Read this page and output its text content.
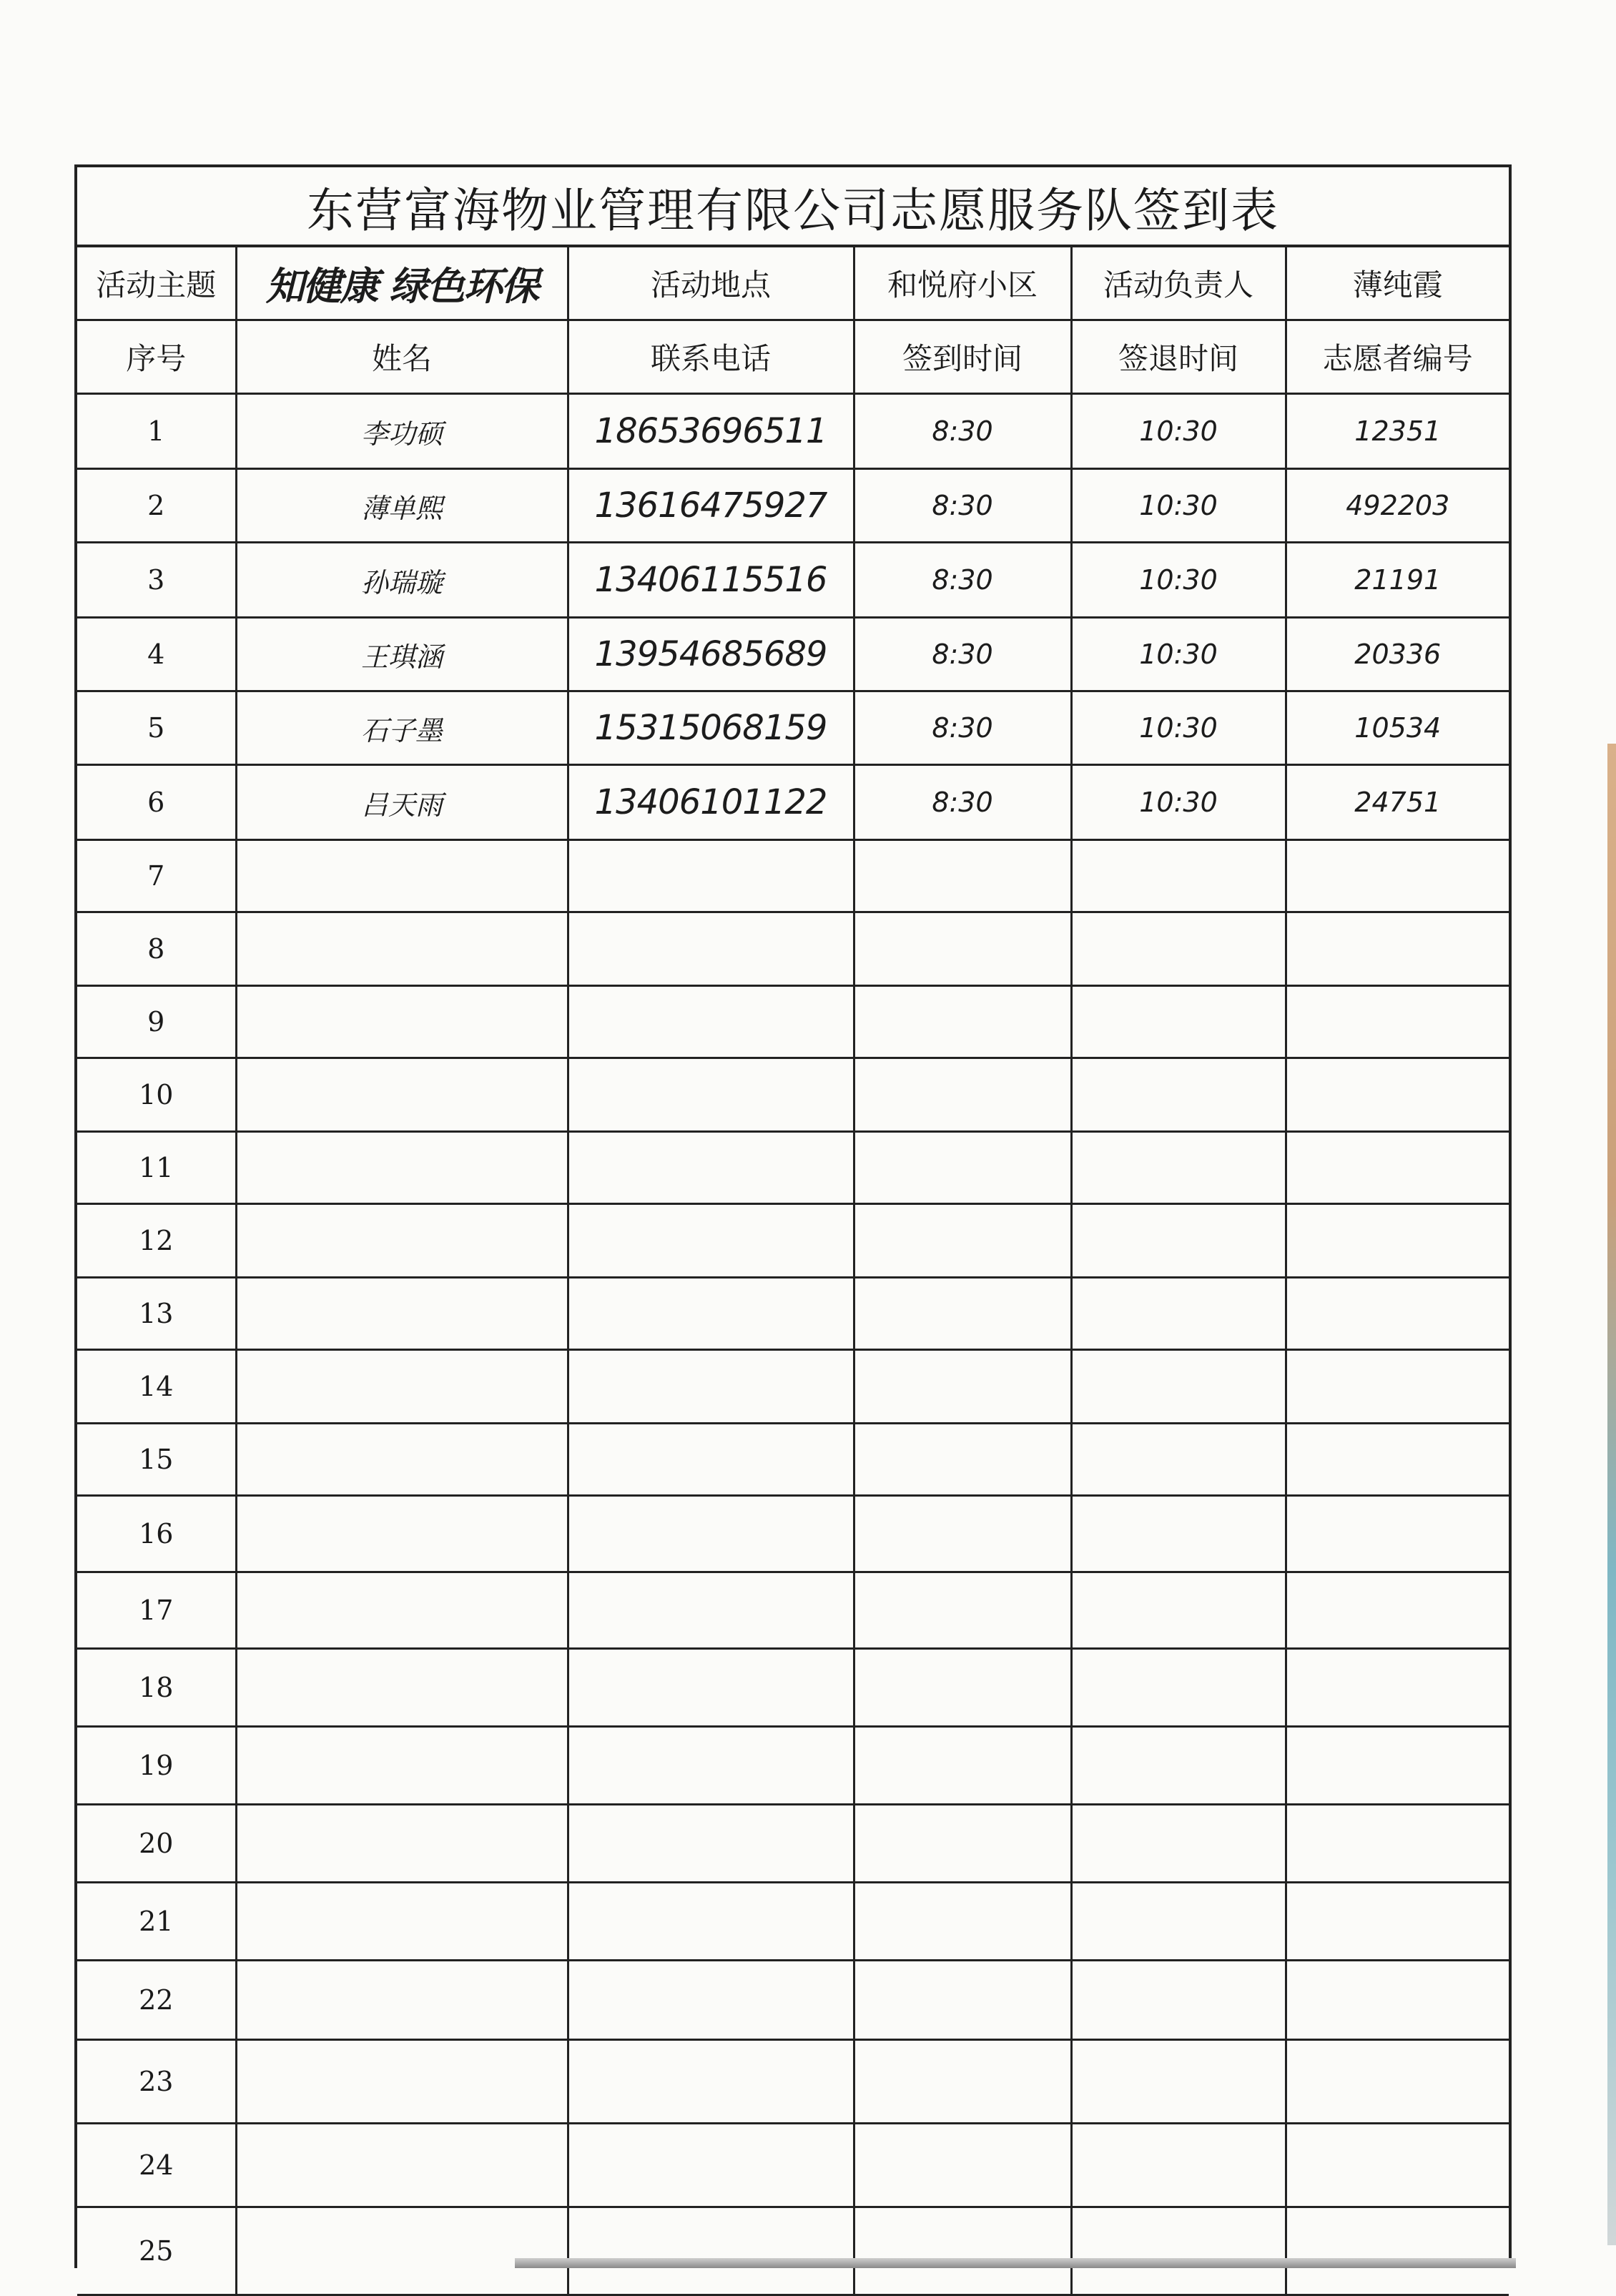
东营富海物业管理有限公司志愿服务队签到表
活动主题	知健康 绿色环保	活动地点	和悦府小区	活动负责人	薄纯霞
序号	姓名	联系电话	签到时间	签退时间	志愿者编号
1	李功硕	18653696511	8:30	10:30	12351
2	薄单熙	13616475927	8:30	10:30	492203
3	孙瑞璇	13406115516	8:30	10:30	21191
4	王琪涵	13954685689	8:30	10:30	20336
5	石子墨	15315068159	8:30	10:30	10534
6	吕天雨	13406101122	8:30	10:30	24751
7					
8					
9					
10					
11					
12					
13					
14					
15					
16					
17					
18					
19					
20					
21					
22					
23					
24					
25					
